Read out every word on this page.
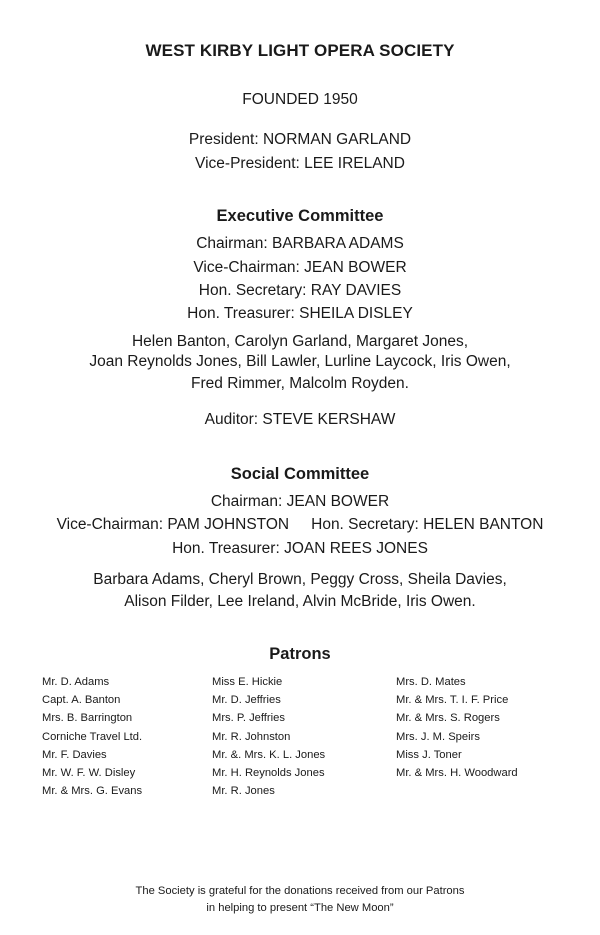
WEST KIRBY LIGHT OPERA SOCIETY
FOUNDED 1950
President: NORMAN GARLAND
Vice-President: LEE IRELAND
Executive Committee
Chairman: BARBARA ADAMS
Vice-Chairman: JEAN BOWER
Hon. Secretary: RAY DAVIES
Hon. Treasurer: SHEILA DISLEY
Helen Banton, Carolyn Garland, Margaret Jones,
Joan Reynolds Jones, Bill Lawler, Lurline Laycock, Iris Owen,
Fred Rimmer, Malcolm Royden.
Auditor: STEVE KERSHAW
Social Committee
Chairman: JEAN BOWER
Vice-Chairman: PAM JOHNSTON Hon. Secretary: HELEN BANTON
Hon. Treasurer: JOAN REES JONES
Barbara Adams, Cheryl Brown, Peggy Cross, Sheila Davies,
Alison Filder, Lee Ireland, Alvin McBride, Iris Owen.
Patrons
Mr. D. Adams
Capt. A. Banton
Mrs. B. Barrington
Corniche Travel Ltd.
Mr. F. Davies
Mr. W. F. W. Disley
Mr. & Mrs. G. Evans
Miss E. Hickie
Mr. D. Jeffries
Mrs. P. Jeffries
Mr. R. Johnston
Mr. &. Mrs. K. L. Jones
Mr. H. Reynolds Jones
Mr. R. Jones
Mrs. D. Mates
Mr. & Mrs. T. I. F. Price
Mr. & Mrs. S. Rogers
Mrs. J. M. Speirs
Miss J. Toner
Mr. & Mrs. H. Woodward
The Society is grateful for the donations received from our Patrons
in helping to present “The New Moon”
